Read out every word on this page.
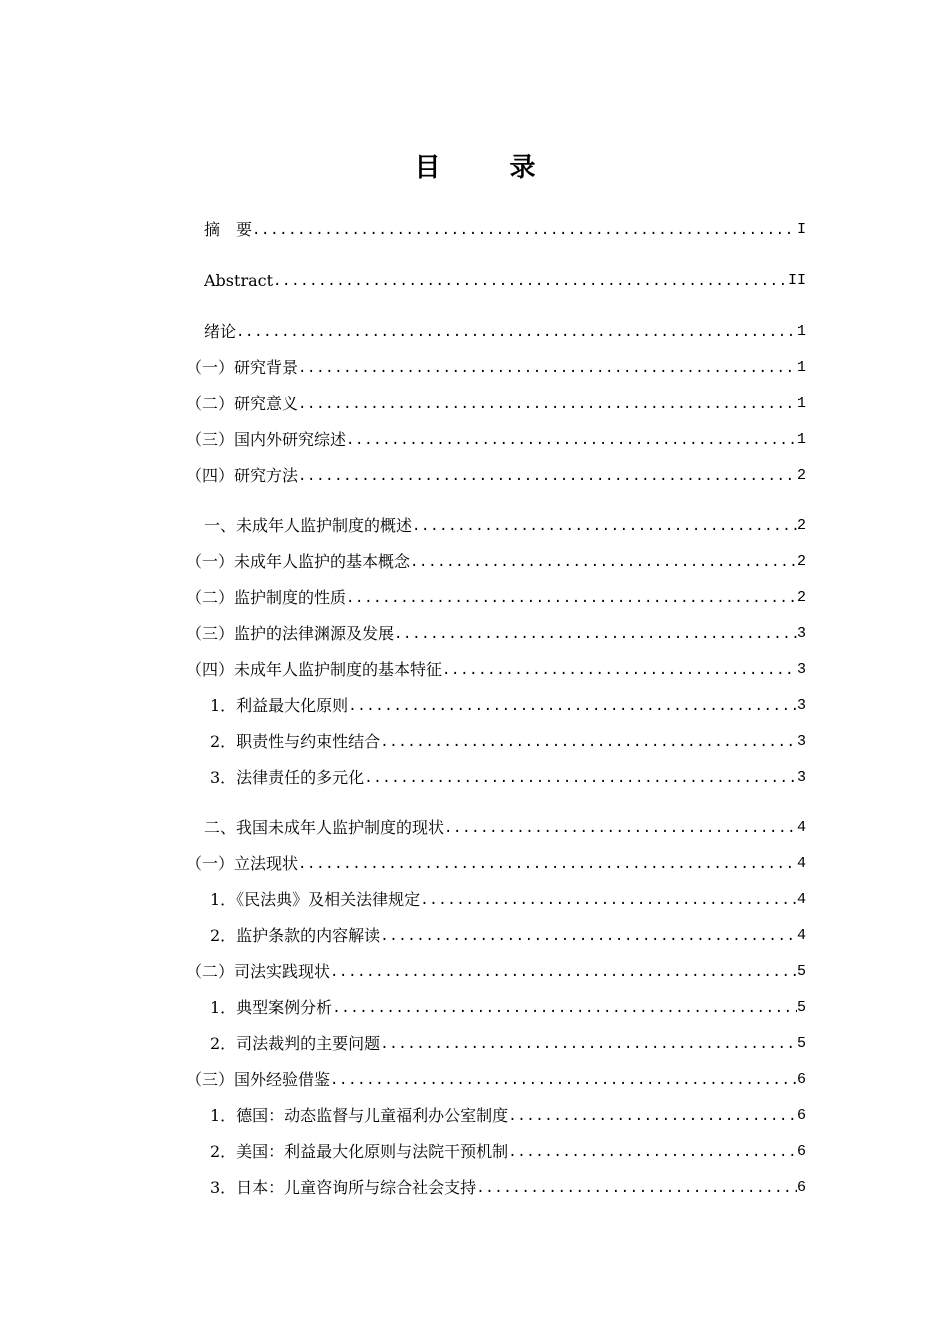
目 录
摘　要 .....	I
Abstract .....	II
绪论 .....	1
（一）研究背景 .....	1
（二）研究意义 .....	1
（三）国内外研究综述 .....	1
（四）研究方法 .....	2
一、未成年人监护制度的概述 .....	2
（一）未成年人监护的基本概念 .....	2
（二）监护制度的性质 .....	2
（三）监护的法律渊源及发展 .....	3
（四）未成年人监护制度的基本特征 .....	3
1．利益最大化原则 .....	3
2．职责性与约束性结合 .....	3
3．法律责任的多元化 .....	3
二、我国未成年人监护制度的现状 .....	4
（一）立法现状 .....	4
1．《民法典》及相关法律规定 .....	4
2．监护条款的内容解读 .....	4
（二）司法实践现状 .....	5
1．典型案例分析 .....	5
2．司法裁判的主要问题 .....	5
（三）国外经验借鉴 .....	6
1．德国：动态监督与儿童福利办公室制度 .....	6
2．美国：利益最大化原则与法院干预机制 .....	6
3．日本：儿童咨询所与综合社会支持 .....	6
